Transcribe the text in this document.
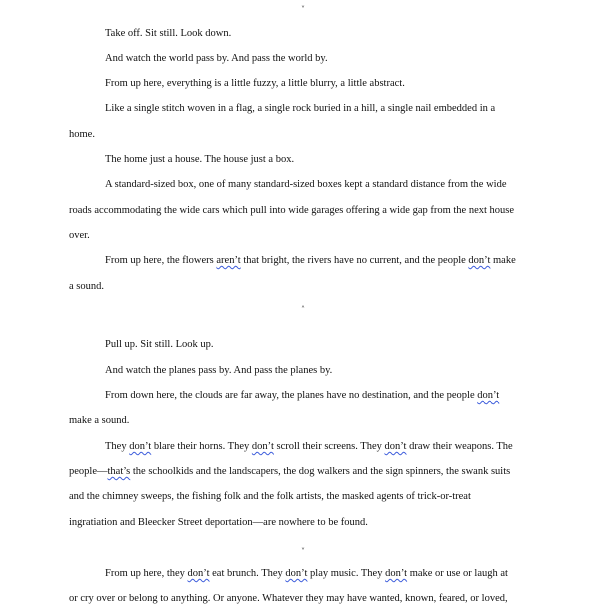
˅
Take off. Sit still. Look down.
And watch the world pass by. And pass the world by.
From up here, everything is a little fuzzy, a little blurry, a little abstract.
Like a single stitch woven in a flag, a single rock buried in a hill, a single nail embedded in a
home.
The home just a house. The house just a box.
A standard-sized box, one of many standard-sized boxes kept a standard distance from the wide
roads accommodating the wide cars which pull into wide garages offering a wide gap from the next house
over.
From up here, the flowers aren’t that bright, the rivers have no current, and the people don’t make
a sound.
˄
Pull up. Sit still. Look up.
And watch the planes pass by. And pass the planes by.
From down here, the clouds are far away, the planes have no destination, and the people don’t
make a sound.
They don’t blare their horns. They don’t scroll their screens. They don’t draw their weapons. The
people—that’s the schoolkids and the landscapers, the dog walkers and the sign spinners, the swank suits
and the chimney sweeps, the fishing folk and the folk artists, the masked agents of trick-or-treat
ingratiation and Bleecker Street deportation—are nowhere to be found.
˅
From up here, they don’t eat brunch. They don’t play music. They don’t make or use or laugh at
or cry over or belong to anything. Or anyone. Whatever they may have wanted, known, feared, or loved,
